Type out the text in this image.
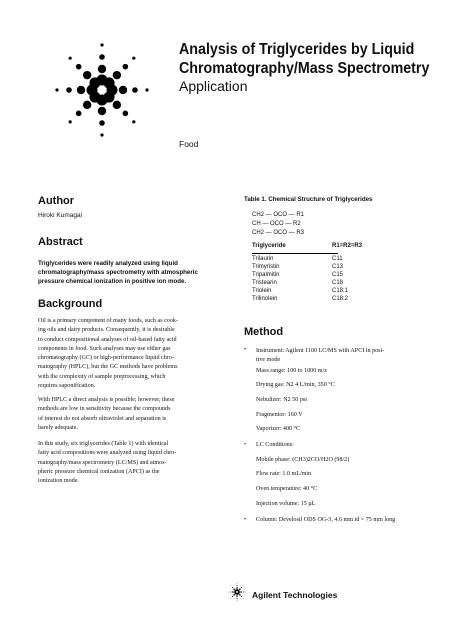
Analysis of Triglycerides by Liquid
Chromatography/Mass Spectrometry
Application
Food
Author
Hiroki Kumagai
Abstract
Triglycerides were readily analyzed using liquid
chromatography/mass spectrometry with atmospheric
pressure chemical ionization in positive ion mode.
Background
Oil is a primary component of many foods, such as cook-
ing oils and dairy products. Consequently, it is desirable
to conduct compositional analyses of oil-based fatty acid
components in food. Such analyses may use either gas
chromatography (GC) or high-performance liquid chro-
matography (HPLC), but the GC methods have problems
with the complexity of sample preprocessing, which
requires saponification.
With HPLC a direct analysis is possible; however, these
methods are low in sensitivity because the compounds
of interest do not absorb ultraviolet and separation is
barely adequate.
In this study, six triglycerides (Table 1) with identical
fatty acid compositions were analyzed using liquid chro-
matography/mass spectrometry (LC/MS) and atmos-
pheric pressure chemical ionization (APCI) as the
ionization mode.
Table 1. Chemical Structure of Triglycerides
CH2 — OCO — R1
CH — OCO — R2
CH2 — OCO — R3
Triglyceride	R1=R2=R3
Trilaurin	C11
Trimyristin	C13
Tripalmitin	C15
Tristearin	C18
Triolein	C18:1
Trilinolein	C18:2
Method
• Instrument: Agilent 1100 LC/MS with APCI in posi-
tive mode
Mass range: 100 to 1000 m/z
Drying gas: N2 4 L/min, 350 °C
Nebulizer: N2 50 psi
Fragmentor: 160 V
Vaporizer: 400 °C
• LC Conditions:
Mobile phase: (CH3)2CO/H2O (98/2)
Flow rate: 1.0 mL/min
Oven temperature: 40 °C
Injection volume: 15 µL
• Column: Develosil ODS OG-3, 4.6 mm id × 75 mm long
Agilent Technologies
